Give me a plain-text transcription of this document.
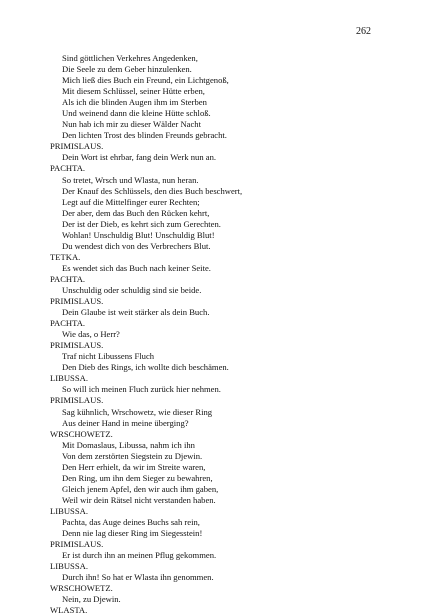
262
Sind göttlichen Verkehres Angedenken,
Die Seele zu dem Geber hinzulenken.
Mich ließ dies Buch ein Freund, ein Lichtgenoß,
Mit diesem Schlüssel, seiner Hütte erben,
Als ich die blinden Augen ihm im Sterben
Und weinend dann die kleine Hütte schloß.
Nun hab ich mir zu dieser Wälder Nacht
Den lichten Trost des blinden Freunds gebracht.
PRIMISLAUS.
Dein Wort ist ehrbar, fang dein Werk nun an.
PACHTA.
So tretet, Wrsch und Wlasta, nun heran.
Der Knauf des Schlüssels, den dies Buch beschwert,
Legt auf die Mittelfinger eurer Rechten;
Der aber, dem das Buch den Rücken kehrt,
Der ist der Dieb, es kehrt sich zum Gerechten.
Wohlan! Unschuldig Blut! Unschuldig Blut!
Du wendest dich von des Verbrechers Blut.
TETKA.
Es wendet sich das Buch nach keiner Seite.
PACHTA.
Unschuldig oder schuldig sind sie beide.
PRIMISLAUS.
Dein Glaube ist weit stärker als dein Buch.
PACHTA.
Wie das, o Herr?
PRIMISLAUS.
Traf nicht Libussens Fluch
Den Dieb des Rings, ich wollte dich beschämen.
LIBUSSA.
So will ich meinen Fluch zurück hier nehmen.
PRIMISLAUS.
Sag kühnlich, Wrschowetz, wie dieser Ring
Aus deiner Hand in meine überging?
WRSCHOWETZ.
Mit Domaslaus, Libussa, nahm ich ihn
Von dem zerstörten Siegstein zu Djewin.
Den Herr erhielt, da wir im Streite waren,
Den Ring, um ihn dem Sieger zu bewahren,
Gleich jenem Apfel, den wir auch ihm gaben,
Weil wir dein Rätsel nicht verstanden haben.
LIBUSSA.
Pachta, das Auge deines Buchs sah rein,
Denn nie lag dieser Ring im Siegesstein!
PRIMISLAUS.
Er ist durch ihn an meinen Pflug gekommen.
LIBUSSA.
Durch ihn! So hat er Wlasta ihn genommen.
WRSCHOWETZ.
Nein, zu Djewin.
WLASTA.
